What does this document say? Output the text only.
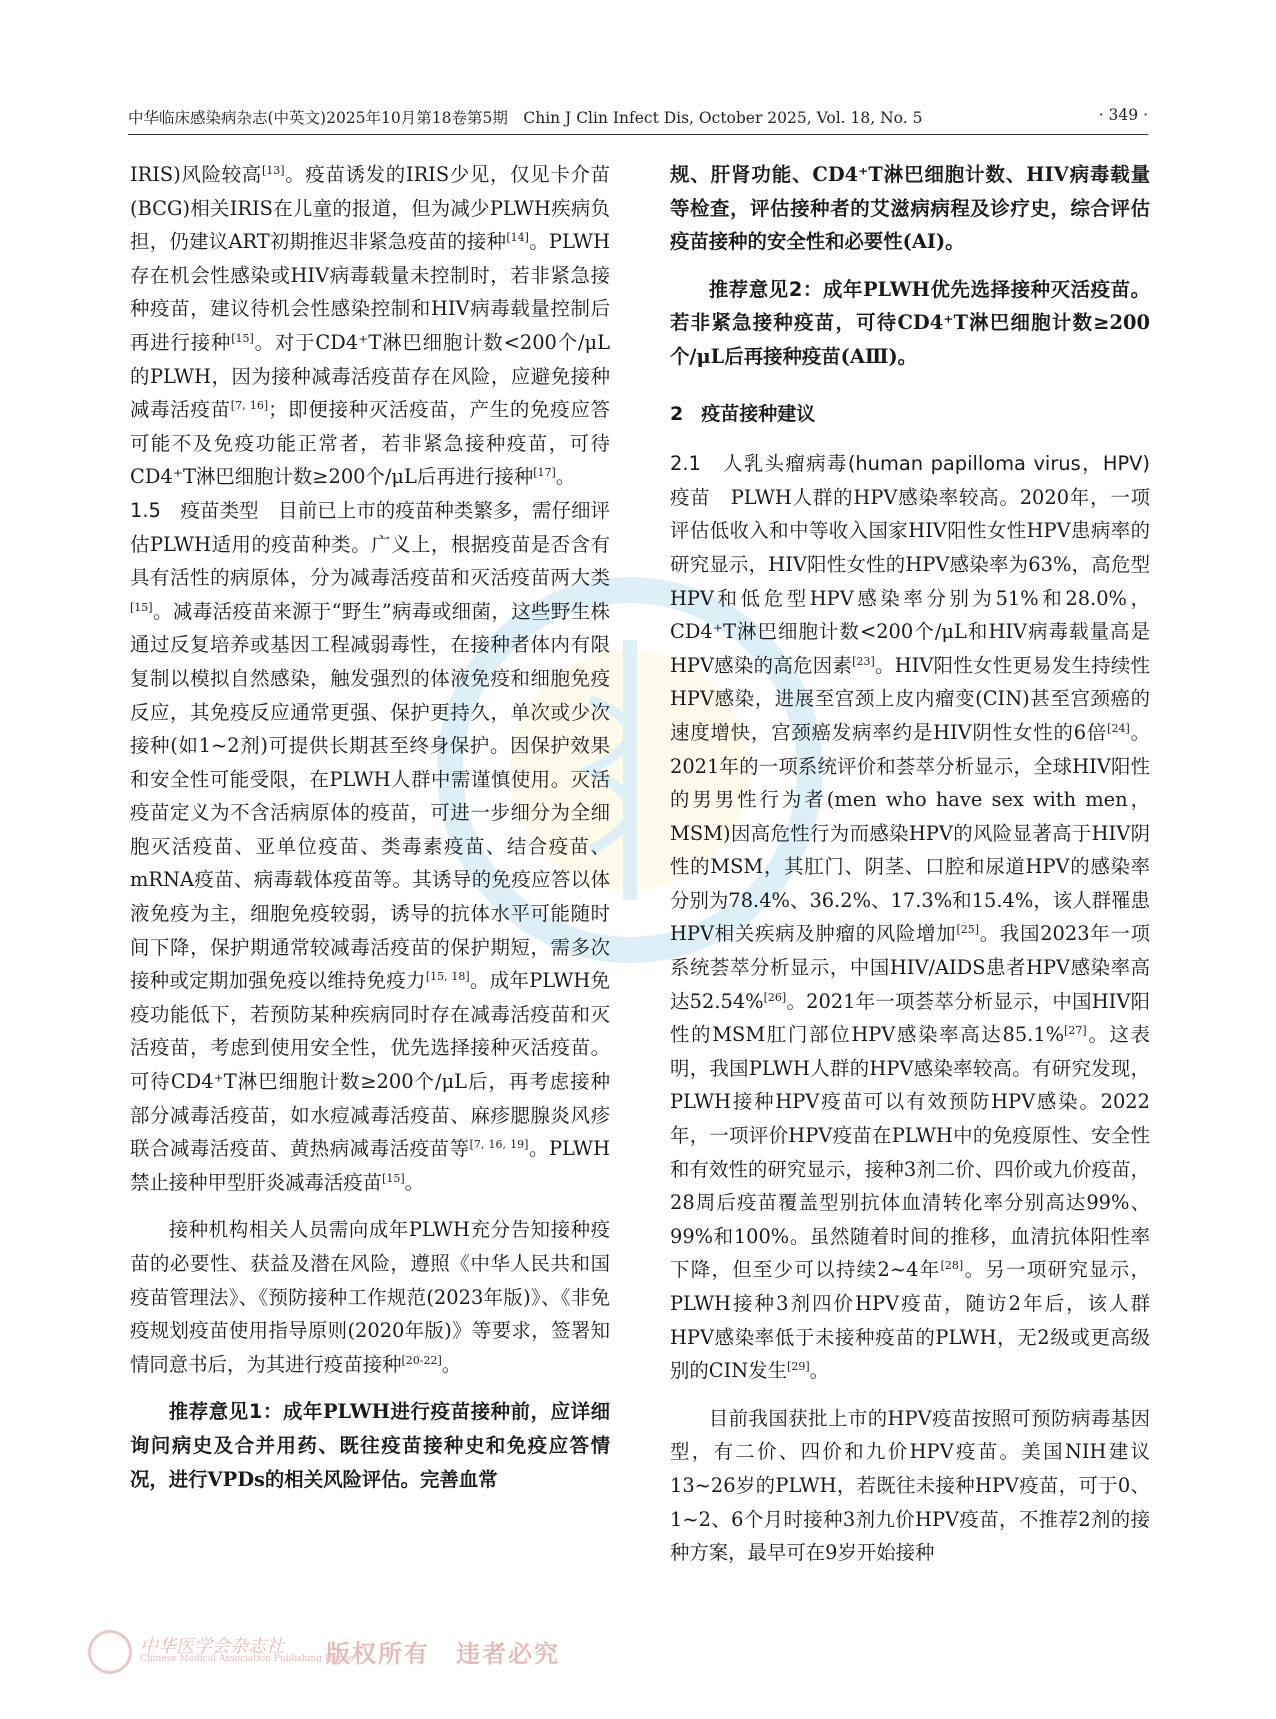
中华临床感染病杂志(中英文)2025年10月第18卷第5期　Chin J Clin Infect Dis, October 2025, Vol. 18, No. 5	· 349 ·

IRIS)风险较高[13]。疫苗诱发的IRIS少见，仅见卡介苗(BCG)相关IRIS在儿童的报道，但为减少PLWH疾病负担，仍建议ART初期推迟非紧急疫苗的接种[14]。PLWH存在机会性感染或HIV病毒载量未控制时，若非紧急接种疫苗，建议待机会性感染控制和HIV病毒载量控制后再进行接种[15]。对于CD4⁺T淋巴细胞计数<200个/μL的PLWH，因为接种减毒活疫苗存在风险，应避免接种减毒活疫苗[7, 16]；即便接种灭活疫苗，产生的免疫应答可能不及免疫功能正常者，若非紧急接种疫苗，可待CD4⁺T淋巴细胞计数≥200个/μL后再进行接种[17]。

1.5　 疫苗类型　 目前已上市的疫苗种类繁多，需仔细评估PLWH适用的疫苗种类。广义上，根据疫苗是否含有具有活性的病原体，分为减毒活疫苗和灭活疫苗两大类[15]。减毒活疫苗来源于“野生”病毒或细菌，这些野生株通过反复培养或基因工程减弱毒性，在接种者体内有限复制以模拟自然感染，触发强烈的体液免疫和细胞免疫反应，其免疫反应通常更强、保护更持久，单次或少次接种(如1~2剂)可提供长期甚至终身保护。因保护效果和安全性可能受限，在PLWH人群中需谨慎使用。灭活疫苗定义为不含活病原体的疫苗，可进一步细分为全细胞灭活疫苗、亚单位疫苗、类毒素疫苗、结合疫苗、mRNA疫苗、病毒载体疫苗等。其诱导的免疫应答以体液免疫为主，细胞免疫较弱，诱导的抗体水平可能随时间下降，保护期通常较减毒活疫苗的保护期短，需多次接种或定期加强免疫以维持免疫力[15, 18]。成年PLWH免疫功能低下，若预防某种疾病同时存在减毒活疫苗和灭活疫苗，考虑到使用安全性，优先选择接种灭活疫苗。可待CD4⁺T淋巴细胞计数≥200个/μL后，再考虑接种部分减毒活疫苗，如水痘减毒活疫苗、麻疹腮腺炎风疹联合减毒活疫苗、黄热病减毒活疫苗等[7, 16, 19]。PLWH禁止接种甲型肝炎减毒活疫苗[15]。

接种机构相关人员需向成年PLWH充分告知接种疫苗的必要性、获益及潜在风险，遵照《中华人民共和国疫苗管理法》、《预防接种工作规范(2023年版)》、《非免疫规划疫苗使用指导原则(2020年版)》等要求，签署知情同意书后，为其进行疫苗接种[20-22]。

推荐意见1：成年PLWH进行疫苗接种前，应详细询问病史及合并用药、既往疫苗接种史和免疫应答情况，进行VPDs的相关风险评估。完善血常

规、肝肾功能、CD4⁺T淋巴细胞计数、HIV病毒载量等检查，评估接种者的艾滋病病程及诊疗史，综合评估疫苗接种的安全性和必要性(AⅠ)。

推荐意见2：成年PLWH优先选择接种灭活疫苗。若非紧急接种疫苗，可待CD4⁺T淋巴细胞计数≥200个/μL后再接种疫苗(AⅢ)。

2 疫苗接种建议

2.1　 人乳头瘤病毒(human papilloma virus，HPV)疫苗　 PLWH人群的HPV感染率较高。2020年，一项评估低收入和中等收入国家HIV阳性女性HPV患病率的研究显示，HIV阳性女性的HPV感染率为63%，高危型HPV和低危型HPV感染率分别为51%和28.0%，CD4⁺T淋巴细胞计数<200个/μL和HIV病毒载量高是HPV感染的高危因素[23]。HIV阳性女性更易发生持续性HPV感染，进展至宫颈上皮内瘤变(CIN)甚至宫颈癌的速度增快，宫颈癌发病率约是HIV阴性女性的6倍[24]。2021年的一项系统评价和荟萃分析显示，全球HIV阳性的男男性行为者(men who have sex with men，MSM)因高危性行为而感染HPV的风险显著高于HIV阴性的MSM，其肛门、阴茎、口腔和尿道HPV的感染率分别为78.4%、36.2%、17.3%和15.4%，该人群罹患HPV相关疾病及肿瘤的风险增加[25]。我国2023年一项系统荟萃分析显示，中国HIV/AIDS患者HPV感染率高达52.54%[26]。2021年一项荟萃分析显示，中国HIV阳性的MSM肛门部位HPV感染率高达85.1%[27]。这表明，我国PLWH人群的HPV感染率较高。有研究发现，PLWH接种HPV疫苗可以有效预防HPV感染。2022年，一项评价HPV疫苗在PLWH中的免疫原性、安全性和有效性的研究显示，接种3剂二价、四价或九价疫苗，28周后疫苗覆盖型别抗体血清转化率分别高达99%、99%和100%。虽然随着时间的推移，血清抗体阳性率下降，但至少可以持续2~4年[28]。另一项研究显示，PLWH接种3剂四价HPV疫苗，随访2年后，该人群HPV感染率低于未接种疫苗的PLWH，无2级或更高级别的CIN发生[29]。

目前我国获批上市的HPV疫苗按照可预防病毒基因型，有二价、四价和九价HPV疫苗。美国NIH建议13~26岁的PLWH，若既往未接种HPV疫苗，可于0、1~2、6个月时接种3剂九价HPV疫苗，不推荐2剂的接种方案，最早可在9岁开始接种

中华医学会杂志社
Chinese Medical Association Publishing House
版权所有　违者必究
